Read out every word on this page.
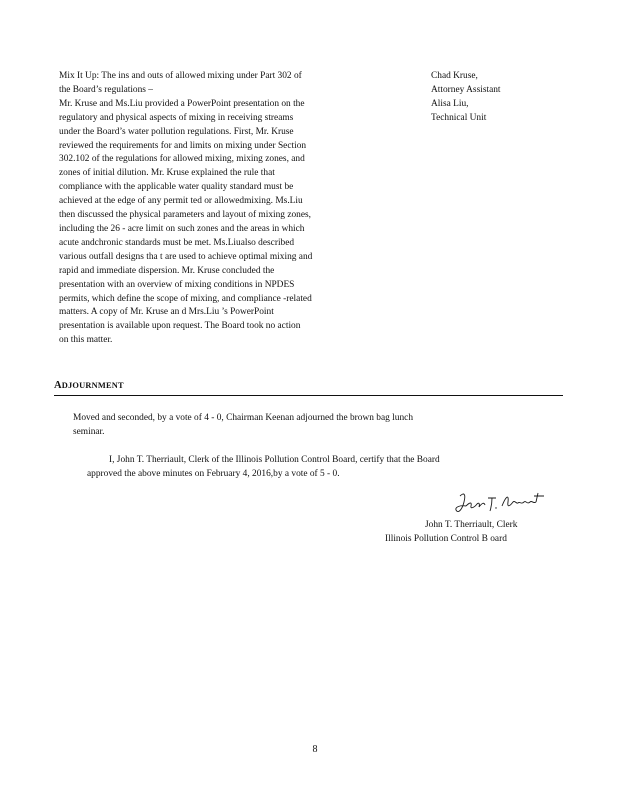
Mix It Up: The ins and outs of allowed mixing under Part 302 of
the Board’s regulations –
Mr. Kruse and Ms.Liu provided a PowerPoint presentation on the
regulatory and physical aspects of mixing in receiving streams
under the Board’s water pollution regulations. First, Mr. Kruse
reviewed the requirements for and limits on mixing under Section
302.102 of the regulations for allowed mixing, mixing zones, and
zones of initial dilution. Mr. Kruse explained the rule that
compliance with the applicable water quality standard must be
achieved at the edge of any permit ted or allowedmixing. Ms.Liu
then discussed the physical parameters and layout of mixing zones,
including the 26 - acre limit on such zones and the areas in which
acute andchronic standards must be met. Ms.Liualso described
various outfall designs tha t are used to achieve optimal mixing and
rapid and immediate dispersion. Mr. Kruse concluded the
presentation with an overview of mixing conditions in NPDES
permits, which define the scope of mixing, and compliance -related
matters. A copy of Mr. Kruse an d Mrs.Liu ’s PowerPoint
presentation is available upon request. The Board took no action
on this matter.
Chad Kruse,
Attorney Assistant
Alisa Liu,
Technical Unit
ADJOURNMENT
Moved and seconded, by a vote of 4 - 0, Chairman Keenan adjourned the brown bag lunch
seminar.
I, John T. Therriault, Clerk of the Illinois Pollution Control Board, certify that the Board
approved the above minutes on February 4, 2016,by a vote of 5 - 0.
John T. Therriault, Clerk
Illinois Pollution Control B oard
8
